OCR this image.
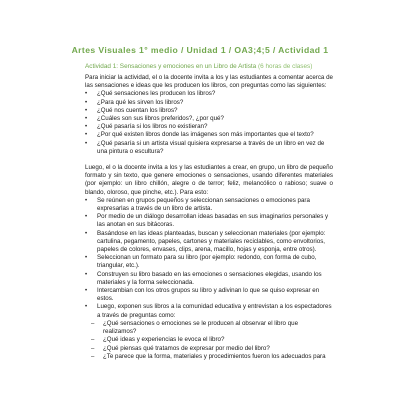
Artes Visuales 1° medio / Unidad 1 / OA3;4;5 / Actividad 1
Actividad 1: Sensaciones y emociones en un Libro de Artista (6 horas de clases)

Para iniciar la actividad, el o la docente invita a los y las estudiantes a comentar acerca de las sensaciones e ideas que les producen los libros, con preguntas como las siguientes:

• ¿Qué sensaciones les producen los libros?
• ¿Para qué les sirven los libros?
• ¿Qué nos cuentan los libros?
• ¿Cuáles son sus libros preferidos?, ¿por qué?
• ¿Qué pasaría si los libros no existieran?
• ¿Por qué existen libros donde las imágenes son más importantes que el texto?
• ¿Qué pasaría si un artista visual quisiera expresarse a través de un libro en vez de una pintura o escultura?

Luego, el o la docente invita a los y las estudiantes a crear, en grupo, un libro de pequeño formato y sin texto, que genere emociones o sensaciones, usando diferentes materiales (por ejemplo: un libro chillón, alegre o de terror; feliz, melancólico o rabioso; suave o blando, oloroso, que pinche, etc.). Para esto:

• Se reúnen en grupos pequeños y seleccionan sensaciones o emociones para expresarlas a través de un libro de artista.
• Por medio de un diálogo desarrollan ideas basadas en sus imaginarios personales y las anotan en sus bitácoras.
• Basándose en las ideas planteadas, buscan y seleccionan materiales (por ejemplo: cartulina, pegamento, papeles, cartones y materiales reciclables, como envoltorios, papeles de colores, envases, clips, arena, macillo, hojas y esponja, entre otros).
• Seleccionan un formato para su libro (por ejemplo: redondo, con forma de cubo, triangular, etc.).
• Construyen su libro basado en las emociones o sensaciones elegidas, usando los materiales y la forma seleccionada.
• Intercambian con los otros grupos su libro y adivinan lo que se quiso expresar en estos.
• Luego, exponen sus libros a la comunidad educativa y entrevistan a los espectadores a través de preguntas como:
– ¿Qué sensaciones o emociones se le producen al observar el libro que realizamos?
– ¿Qué ideas y experiencias le evoca el libro?
– ¿Qué piensas qué tratamos de expresar por medio del libro?
– ¿Te parece que la forma, materiales y procedimientos fueron los adecuados para
